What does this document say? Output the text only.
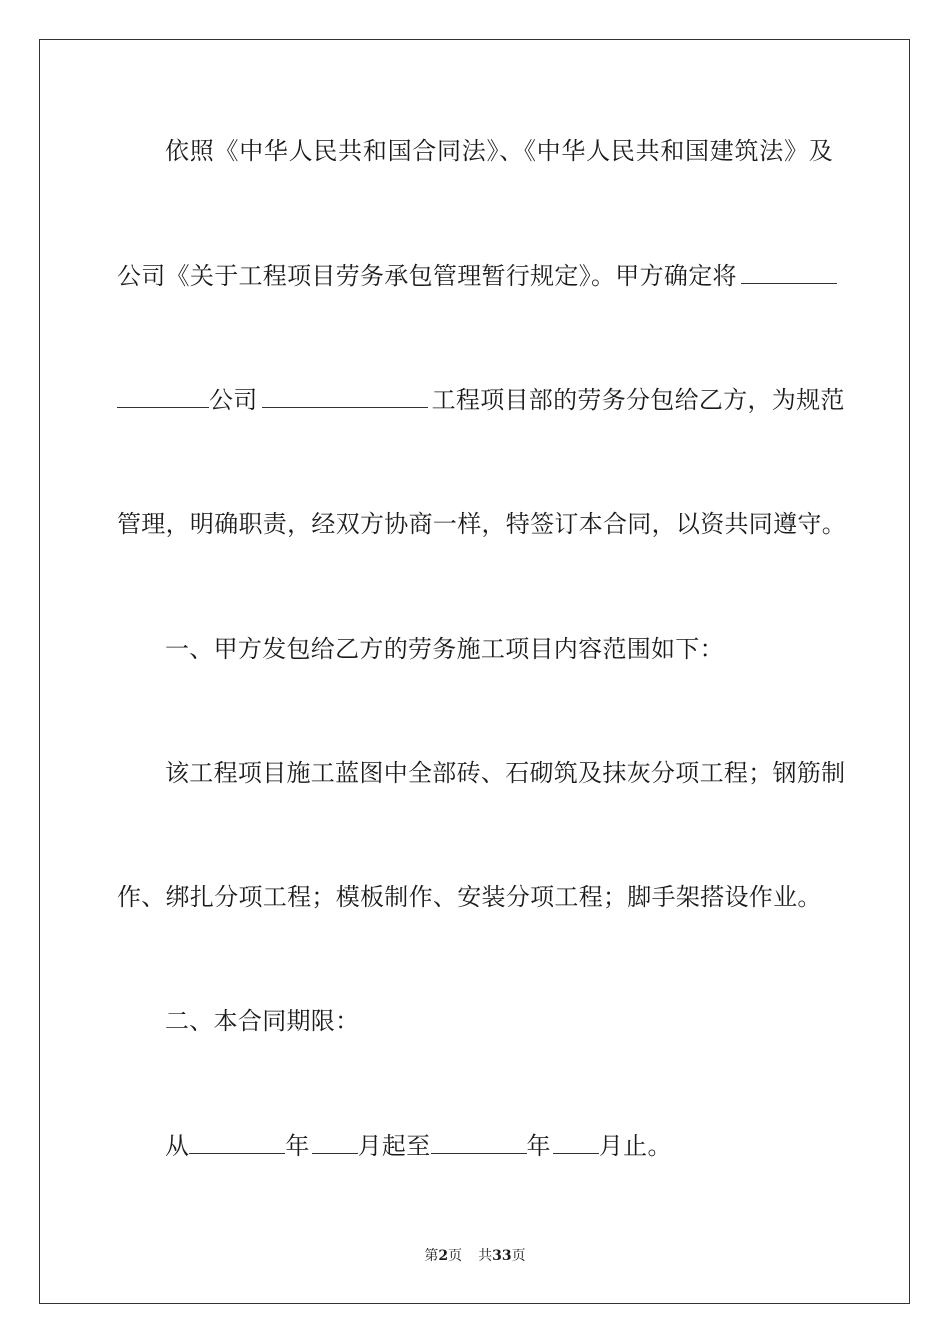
依照《中华人民共和国合同法》、《中华人民共和国建筑法》及
公司《关于工程项目劳务承包管理暂行规定》。甲方确定将
公司	工程项目部的劳务分包给乙方，为规范
管理，明确职责，经双方协商一样，特签订本合同，以资共同遵守。
一、甲方发包给乙方的劳务施工项目内容范围如下：
该工程项目施工蓝图中全部砖、石砌筑及抹灰分项工程；钢筋制
作、绑扎分项工程；模板制作、安装分项工程；脚手架搭设作业。
二、本合同期限：
从	年 月起至	年 月止。
第2页 共33页
